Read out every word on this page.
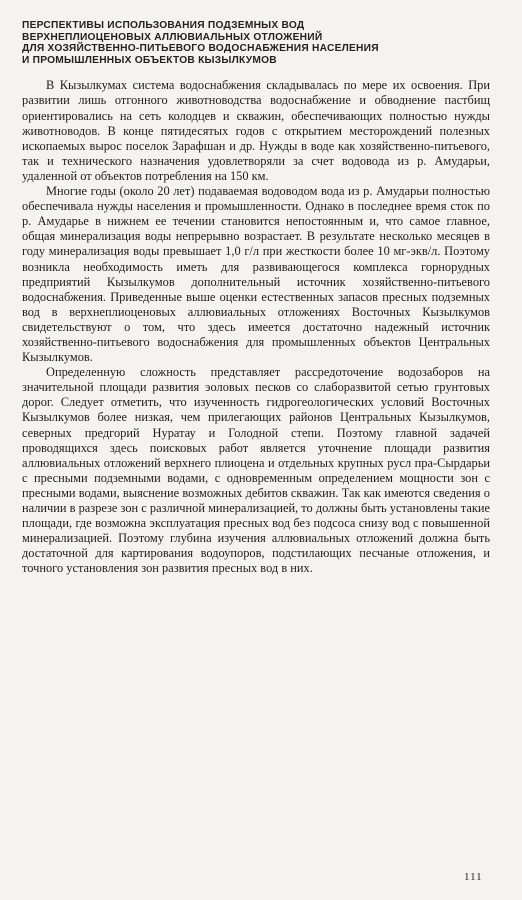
ПЕРСПЕКТИВЫ ИСПОЛЬЗОВАНИЯ ПОДЗЕМНЫХ ВОД
ВЕРХНЕПЛИОЦЕНОВЫХ АЛЛЮВИАЛЬНЫХ ОТЛОЖЕНИЙ
ДЛЯ ХОЗЯЙСТВЕННО-ПИТЬЕВОГО ВОДОСНАБЖЕНИЯ НАСЕЛЕНИЯ
И ПРОМЫШЛЕННЫХ ОБЪЕКТОВ КЫЗЫЛКУМОВ

В Кызылкумах система водоснабжения складывалась по мере их освоения. При развитии лишь отгонного животноводства водоснабжение и обводнение пастбищ ориентировались на сеть колодцев и скважин, обеспечивающих полностью нужды животноводов. В конце пятидесятых годов с открытием месторождений полезных ископаемых вырос поселок Зарафшан и др. Нужды в воде как хозяйственно-питьевого, так и технического назначения удовлетворяли за счет водовода из р. Амударьи, удаленной от объектов потребления на 150 км.

Многие годы (около 20 лет) подаваемая водоводом вода из р. Амударьи полностью обеспечивала нужды населения и промышленности. Однако в последнее время сток по р. Амударье в нижнем ее течении становится непостоянным и, что самое главное, общая минерализация воды непрерывно возрастает. В результате несколько месяцев в году минерализация воды превышает 1,0 г/л при жесткости более 10 мг-экв/л. Поэтому возникла необходимость иметь для развивающегося комплекса горнорудных предприятий Кызылкумов дополнительный источник хозяйственно-питьевого водоснабжения. Приведенные выше оценки естественных запасов пресных подземных вод в верхнеплиоценовых аллювиальных отложениях Восточных Кызылкумов свидетельствуют о том, что здесь имеется достаточно надежный источник хозяйственно-питьевого водоснабжения для промышленных объектов Центральных Кызылкумов.

Определенную сложность представляет рассредоточение водозаборов на значительной площади развития эоловых песков со слаборазвитой сетью грунтовых дорог. Следует отметить, что изученность гидрогеологических условий Восточных Кызылкумов более низкая, чем прилегающих районов Центральных Кызылкумов, северных предгорий Нуратау и Голодной степи. Поэтому главной задачей проводящихся здесь поисковых работ является уточнение площади развития аллювиальных отложений верхнего плиоцена и отдельных крупных русл пра-Сырдарьи с пресными подземными водами, с одновременным определением мощности зон с пресными водами, выяснение возможных дебитов скважин. Так как имеются сведения о наличии в разрезе зон с различной минерализацией, то должны быть установлены такие площади, где возможна эксплуатация пресных вод без подсоса снизу вод с повышенной минерализацией. Поэтому глубина изучения аллювиальных отложений должна быть достаточной для картирования водоупоров, подстилающих песчаные отложения, и точного установления зон развития пресных вод в них.

111
